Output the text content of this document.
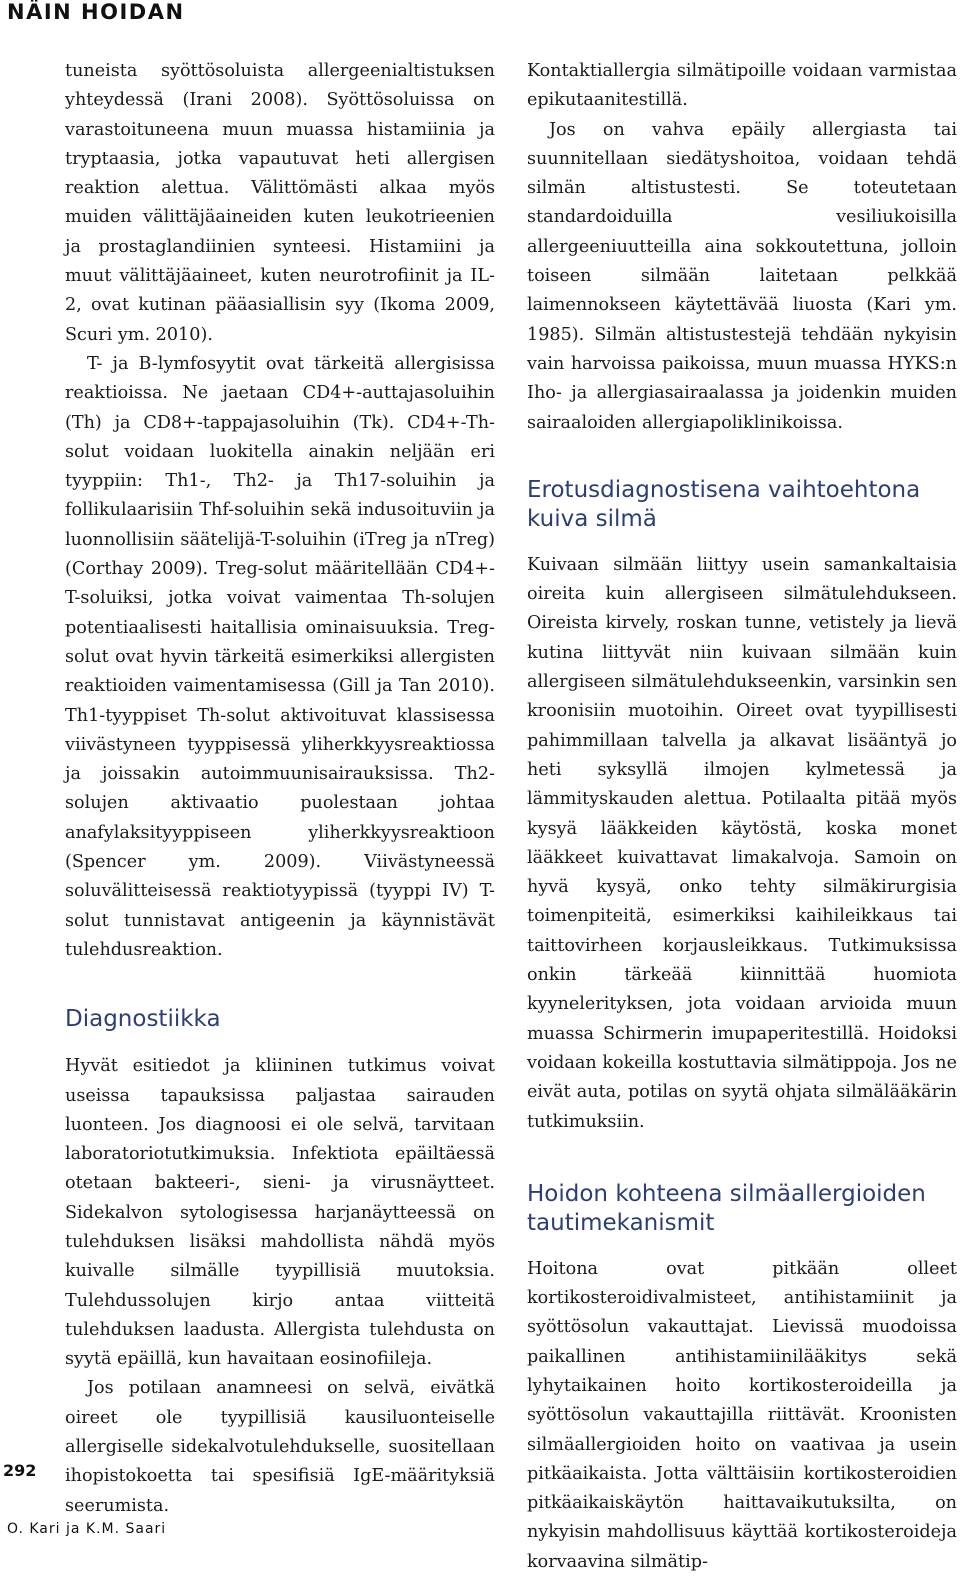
NÄIN HOIDAN

tuneista syöttösoluista allergeenialtistuksen yhteydessä (Irani 2008). Syöttösoluissa on varastoituneena muun muassa histamiinia ja tryptaasia, jotka vapautuvat heti allergisen reaktion alettua. Välittömästi alkaa myös muiden välittäjäaineiden kuten leukotrieenien ja prostaglandiinien synteesi. Histamiini ja muut välittäjäaineet, kuten neurotrofiinit ja IL-2, ovat kutinan pääasiallisin syy (Ikoma 2009, Scuri ym. 2010).

T- ja B-lymfosyytit ovat tärkeitä allergisissa reaktioissa. Ne jaetaan CD4+-auttajasoluihin (Th) ja CD8+-tappajasoluihin (Tk). CD4+-Th-solut voidaan luokitella ainakin neljään eri tyyppiin: Th1-, Th2- ja Th17-soluihin ja follikulaarisiin Thf-soluihin sekä indusoituviin ja luonnollisiin säätelijä-T-soluihin (iTreg ja nTreg) (Corthay 2009). Treg-solut määritellään CD4+-T-soluiksi, jotka voivat vaimentaa Th-solujen potentiaalisesti haitallisia ominaisuuksia. Treg-solut ovat hyvin tärkeitä esimerkiksi allergisten reaktioiden vaimentamisessa (Gill ja Tan 2010). Th1-tyyppiset Th-solut aktivoituvat klassisessa viivästyneen tyyppisessä yliherkkyysreaktiossa ja joissakin autoimmuunisairauksissa. Th2-solujen aktivaatio puolestaan johtaa anafylaksityyppiseen yliherkkyysreaktioon (Spencer ym. 2009). Viivästyneessä soluvälitteisessä reaktiotyypissä (tyyppi IV) T-solut tunnistavat antigeenin ja käynnistävät tulehdusreaktion.

Diagnostiikka

Hyvät esitiedot ja kliininen tutkimus voivat useissa tapauksissa paljastaa sairauden luonteen. Jos diagnoosi ei ole selvä, tarvitaan laboratoriotutkimuksia. Infektiota epäiltäessä otetaan bakteeri-, sieni- ja virusnäytteet. Sidekalvon sytologisessa harjanäytteessä on tulehduksen lisäksi mahdollista nähdä myös kuivalle silmälle tyypillisiä muutoksia. Tulehdussolujen kirjo antaa viitteitä tulehduksen laadusta. Allergista tulehdusta on syytä epäillä, kun havaitaan eosinofiileja.

Jos potilaan anamneesi on selvä, eivätkä oireet ole tyypillisiä kausiluonteiselle allergiselle sidekalvotulehdukselle, suositellaan ihopistokoetta tai spesifisiä IgE-määrityksiä seerumista.

Kontaktiallergia silmätipoille voidaan varmistaa epikutaanitestillä.

Jos on vahva epäily allergiasta tai suunnitellaan siedätyshoitoa, voidaan tehdä silmän altistustesti. Se toteutetaan standardoiduilla vesiliukoisilla allergeeniuutteilla aina sokkoutettuna, jolloin toiseen silmään laitetaan pelkkää laimennokseen käytettävää liuosta (Kari ym. 1985). Silmän altistustestejä tehdään nykyisin vain harvoissa paikoissa, muun muassa HYKS:n Iho- ja allergiasairaalassa ja joidenkin muiden sairaaloiden allergiapoliklinikoissa.

Erotusdiagnostisena vaihtoehtona kuiva silmä

Kuivaan silmään liittyy usein samankaltaisia oireita kuin allergiseen silmätulehdukseen. Oireista kirvely, roskan tunne, vetistely ja lievä kutina liittyvät niin kuivaan silmään kuin allergiseen silmätulehdukseenkin, varsinkin sen kroonisiin muotoihin. Oireet ovat tyypillisesti pahimmillaan talvella ja alkavat lisääntyä jo heti syksyllä ilmojen kylmetessä ja lämmityskauden alettua. Potilaalta pitää myös kysyä lääkkeiden käytöstä, koska monet lääkkeet kuivattavat limakalvoja. Samoin on hyvä kysyä, onko tehty silmäkirurgisia toimenpiteitä, esimerkiksi kaihileikkaus tai taittovirheen korjausleikkaus. Tutkimuksissa onkin tärkeää kiinnittää huomiota kyynelerityksen, jota voidaan arvioida muun muassa Schirmerin imupaperitestillä. Hoidoksi voidaan kokeilla kostuttavia silmätippoja. Jos ne eivät auta, potilas on syytä ohjata silmälääkärin tutkimuksiin.

Hoidon kohteena silmäallergioiden tautimekanismit

Hoitona ovat pitkään olleet kortikosteroidivalmisteet, antihistamiinit ja syöttösolun vakauttajat. Lievissä muodoissa paikallinen antihistamiinilääkitys sekä lyhytaikainen hoito kortikosteroideilla ja syöttösolun vakauttajilla riittävät. Kroonisten silmäallergioiden hoito on vaativaa ja usein pitkäaikaista. Jotta välttäisiin kortikosteroidien pitkäaikaiskäytön haittavaikutuksilta, on nykyisin mahdollisuus käyttää kortikosteroideja korvaavina silmätip-

292
O. Kari ja K.M. Saari
